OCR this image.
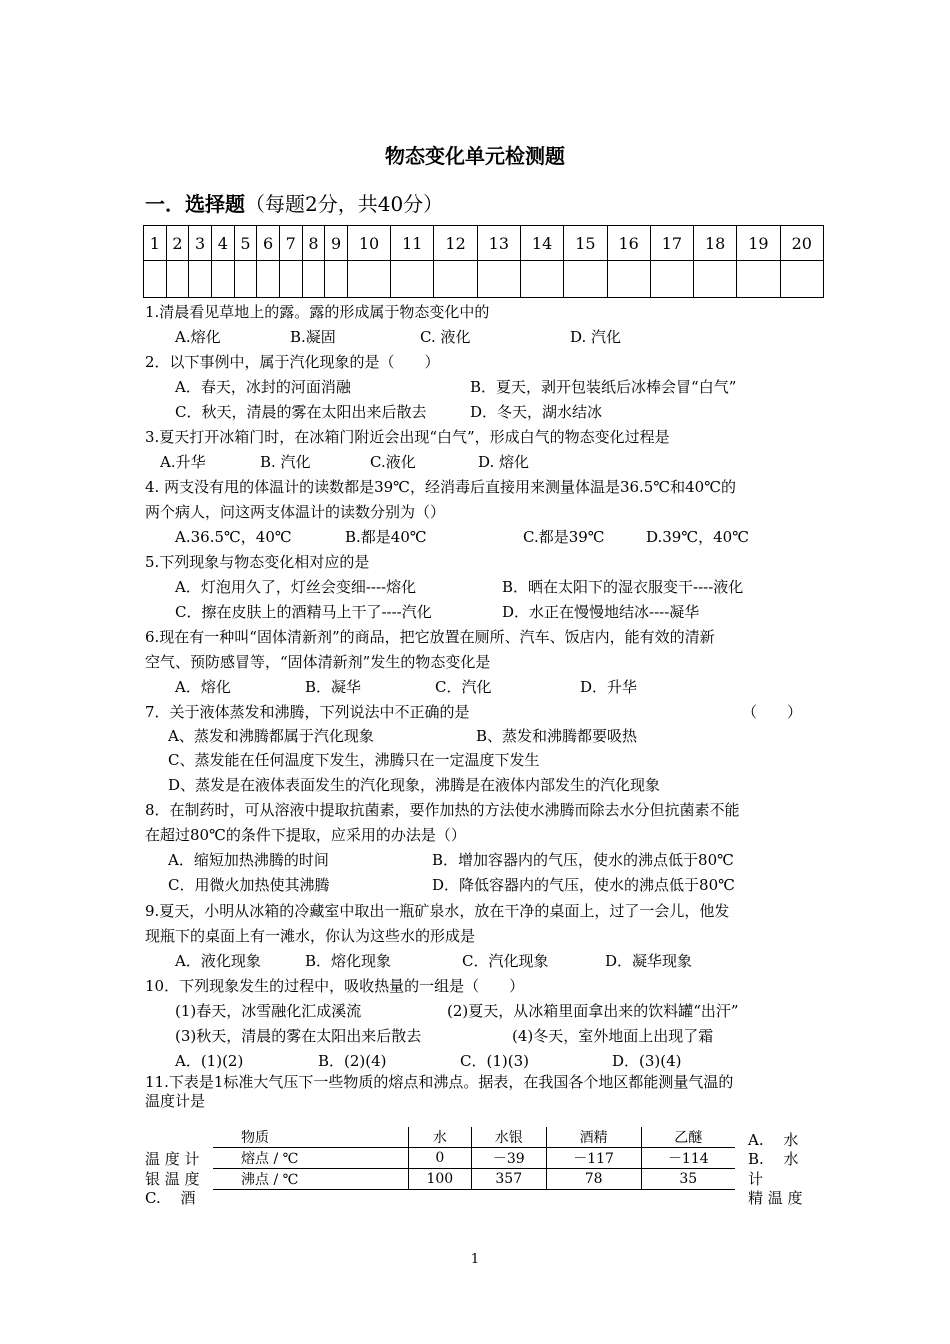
物态变化单元检测题
一．选择题（每题2分，共40分）
1	2	3	4	5	6	7	8	9	10	11	12	13	14	15	16	17	18	19	20

1.清晨看见草地上的露。露的形成属于物态变化中的
A.熔化	B.凝固	C. 液化	D. 汽化
2．以下事例中，属于汽化现象的是（　　）
A．春天，冰封的河面消融	B．夏天，剥开包装纸后冰棒会冒“白气”
C．秋天，清晨的雾在太阳出来后散去	D．冬天，湖水结冰
3.夏天打开冰箱门时，在冰箱门附近会出现“白气”，形成白气的物态变化过程是
A.升华	B. 汽化	C.液化	D. 熔化
4. 两支没有甩的体温计的读数都是39℃，经消毒后直接用来测量体温是36.5℃和40℃的
两个病人，问这两支体温计的读数分别为（）
A.36.5℃，40℃	B.都是40℃	C.都是39℃	D.39℃，40℃
5.下列现象与物态变化相对应的是
A．灯泡用久了，灯丝会变细----熔化	B．晒在太阳下的湿衣服变干----液化
C．擦在皮肤上的酒精马上干了----汽化	D．水正在慢慢地结冰----凝华
6.现在有一种叫“固体清新剂”的商品，把它放置在厕所、汽车、饭店内，能有效的清新
空气、预防感冒等，“固体清新剂”发生的物态变化是
A．熔化	B．凝华	C．汽化	D．升华
7．关于液体蒸发和沸腾，下列说法中不正确的是	（　　）
A、蒸发和沸腾都属于汽化现象	B、蒸发和沸腾都要吸热
C、蒸发能在任何温度下发生，沸腾只在一定温度下发生
D、蒸发是在液体表面发生的汽化现象，沸腾是在液体内部发生的汽化现象
8．在制药时，可从溶液中提取抗菌素，要作加热的方法使水沸腾而除去水分但抗菌素不能
在超过80℃的条件下提取，应采用的办法是（）
A．缩短加热沸腾的时间	B．增加容器内的气压，使水的沸点低于80℃
C．用微火加热使其沸腾	D．降低容器内的气压，使水的沸点低于80℃
9.夏天，小明从冰箱的冷藏室中取出一瓶矿泉水，放在干净的桌面上，过了一会儿，他发
现瓶下的桌面上有一滩水，你认为这些水的形成是
A．液化现象	B．熔化现象	C．汽化现象	D．凝华现象
10．下列现象发生的过程中，吸收热量的一组是（　　）
(1)春天，冰雪融化汇成溪流	(2)夏天，从冰箱里面拿出来的饮料罐“出汗”
(3)秋天，清晨的雾在太阳出来后散去	(4)冬天，室外地面上出现了霜
A．(1)(2)	B．(2)(4)	C．(1)(3)	D．(3)(4)
11.下表是1标准大气压下一些物质的熔点和沸点。据表，在我国各个地区都能测量气温的
温度计是
温 度 计
银 温 度
C.　 酒
A.　 水
B.　 水
计
精 温 度
物质	水	水银	酒精	乙醚
熔点 / ℃	0	－39	－117	－114
沸点 / ℃	100	357	78	35
1
